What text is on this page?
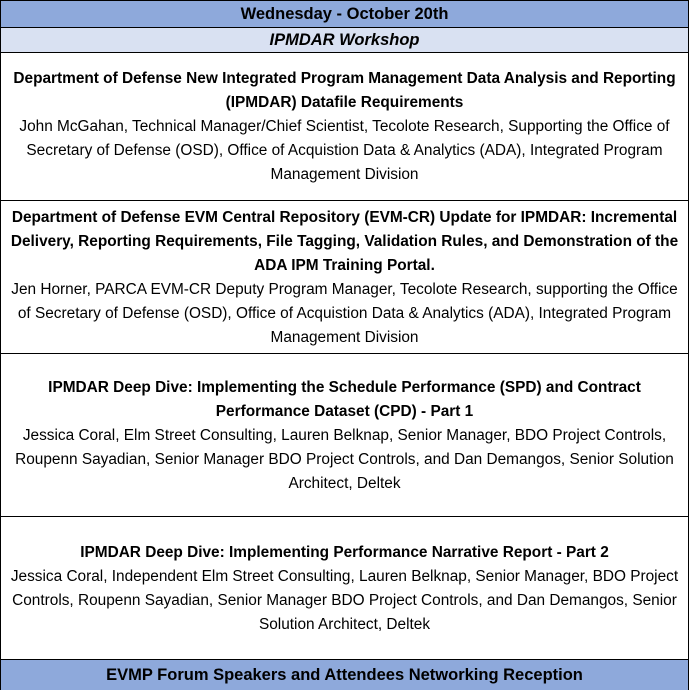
Wednesday - October 20th
IPMDAR Workshop
Department of Defense New Integrated Program Management Data Analysis and Reporting (IPMDAR) Datafile Requirements
John McGahan, Technical Manager/Chief Scientist, Tecolote Research, Supporting the Office of Secretary of Defense (OSD), Office of Acquistion Data & Analytics (ADA), Integrated Program Management Division
Department of Defense EVM Central Repository (EVM-CR) Update for IPMDAR: Incremental Delivery, Reporting Requirements, File Tagging, Validation Rules, and Demonstration of the ADA IPM Training Portal.
Jen Horner, PARCA EVM-CR Deputy Program Manager, Tecolote Research, supporting the Office of Secretary of Defense (OSD), Office of Acquistion Data & Analytics (ADA), Integrated Program Management Division
IPMDAR Deep Dive: Implementing the Schedule Performance (SPD) and Contract Performance Dataset (CPD) - Part 1
Jessica Coral, Elm Street Consulting, Lauren Belknap, Senior Manager, BDO Project Controls, Roupenn Sayadian, Senior Manager BDO Project Controls, and Dan Demangos, Senior Solution Architect, Deltek
IPMDAR Deep Dive: Implementing Performance Narrative Report - Part 2
Jessica Coral, Independent Elm Street Consulting, Lauren Belknap, Senior Manager, BDO Project Controls, Roupenn Sayadian, Senior Manager BDO Project Controls, and Dan Demangos, Senior Solution Architect, Deltek
EVMP Forum Speakers and Attendees Networking Reception
